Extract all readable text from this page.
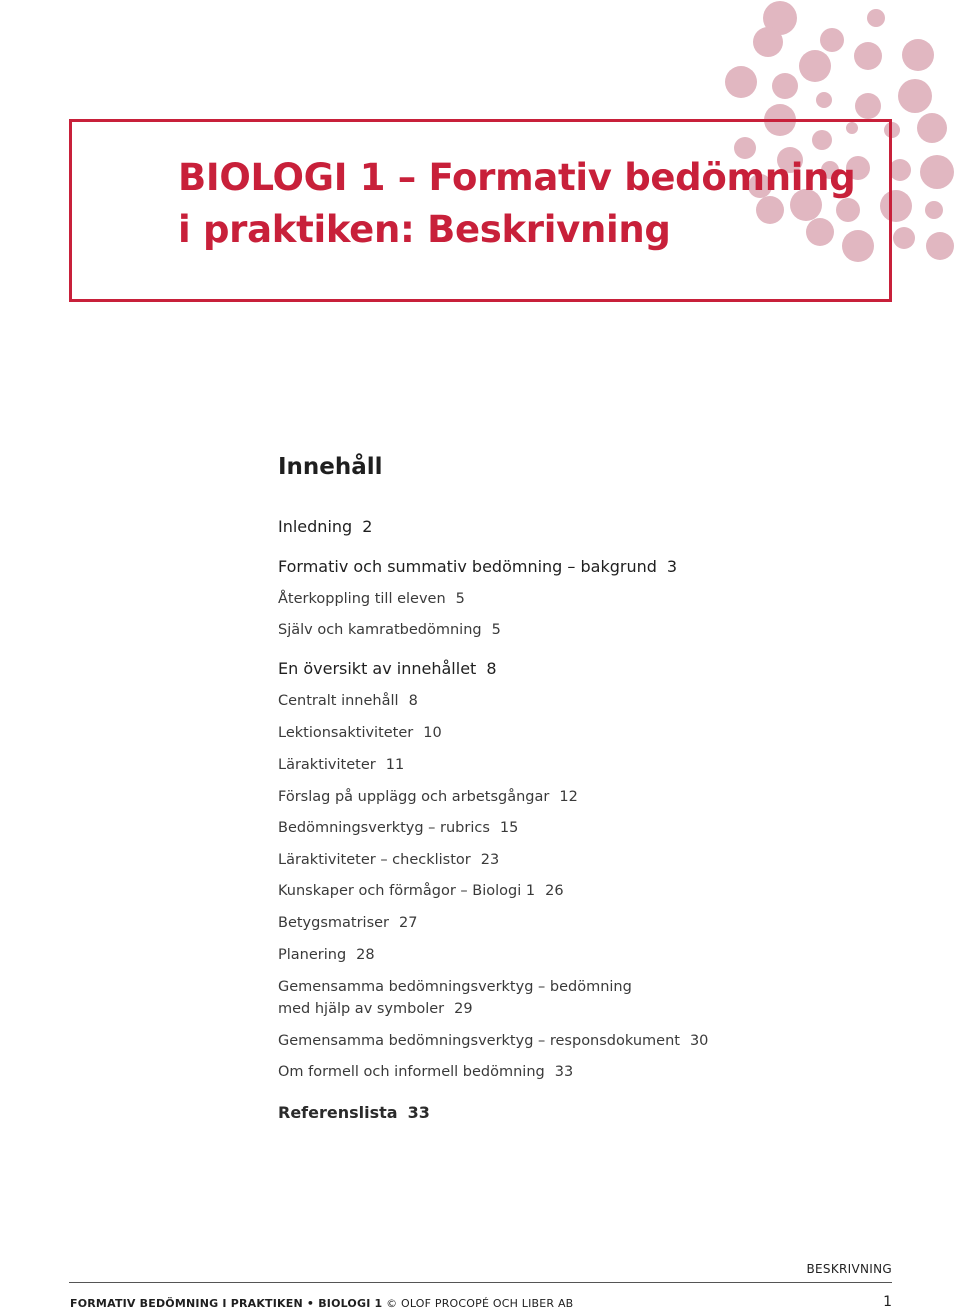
BIOLOGI 1 – Formativ bedömning
i praktiken: Beskrivning
Innehåll
Inledning 2
Formativ och summativ bedömning – bakgrund 3
Återkoppling till eleven 5
Själv och kamratbedömning 5
En översikt av innehållet 8
Centralt innehåll 8
Lektionsaktiviteter 10
Läraktiviteter 11
Förslag på upplägg och arbetsgångar 12
Bedömningsverktyg – rubrics 15
Läraktiviteter – checklistor 23
Kunskaper och förmågor – Biologi 1 26
Betygsmatriser 27
Planering 28
Gemensamma bedömningsverktyg – bedömning
med hjälp av symboler 29
Gemensamma bedömningsverktyg – responsdokument 30
Om formell och informell bedömning 33
Referenslista 33
BESKRIVNING
FORMATIV BEDÖMNING I PRAKTIKEN • BIOLOGI 1 © OLOF PROCOPÉ OCH LIBER AB	1
